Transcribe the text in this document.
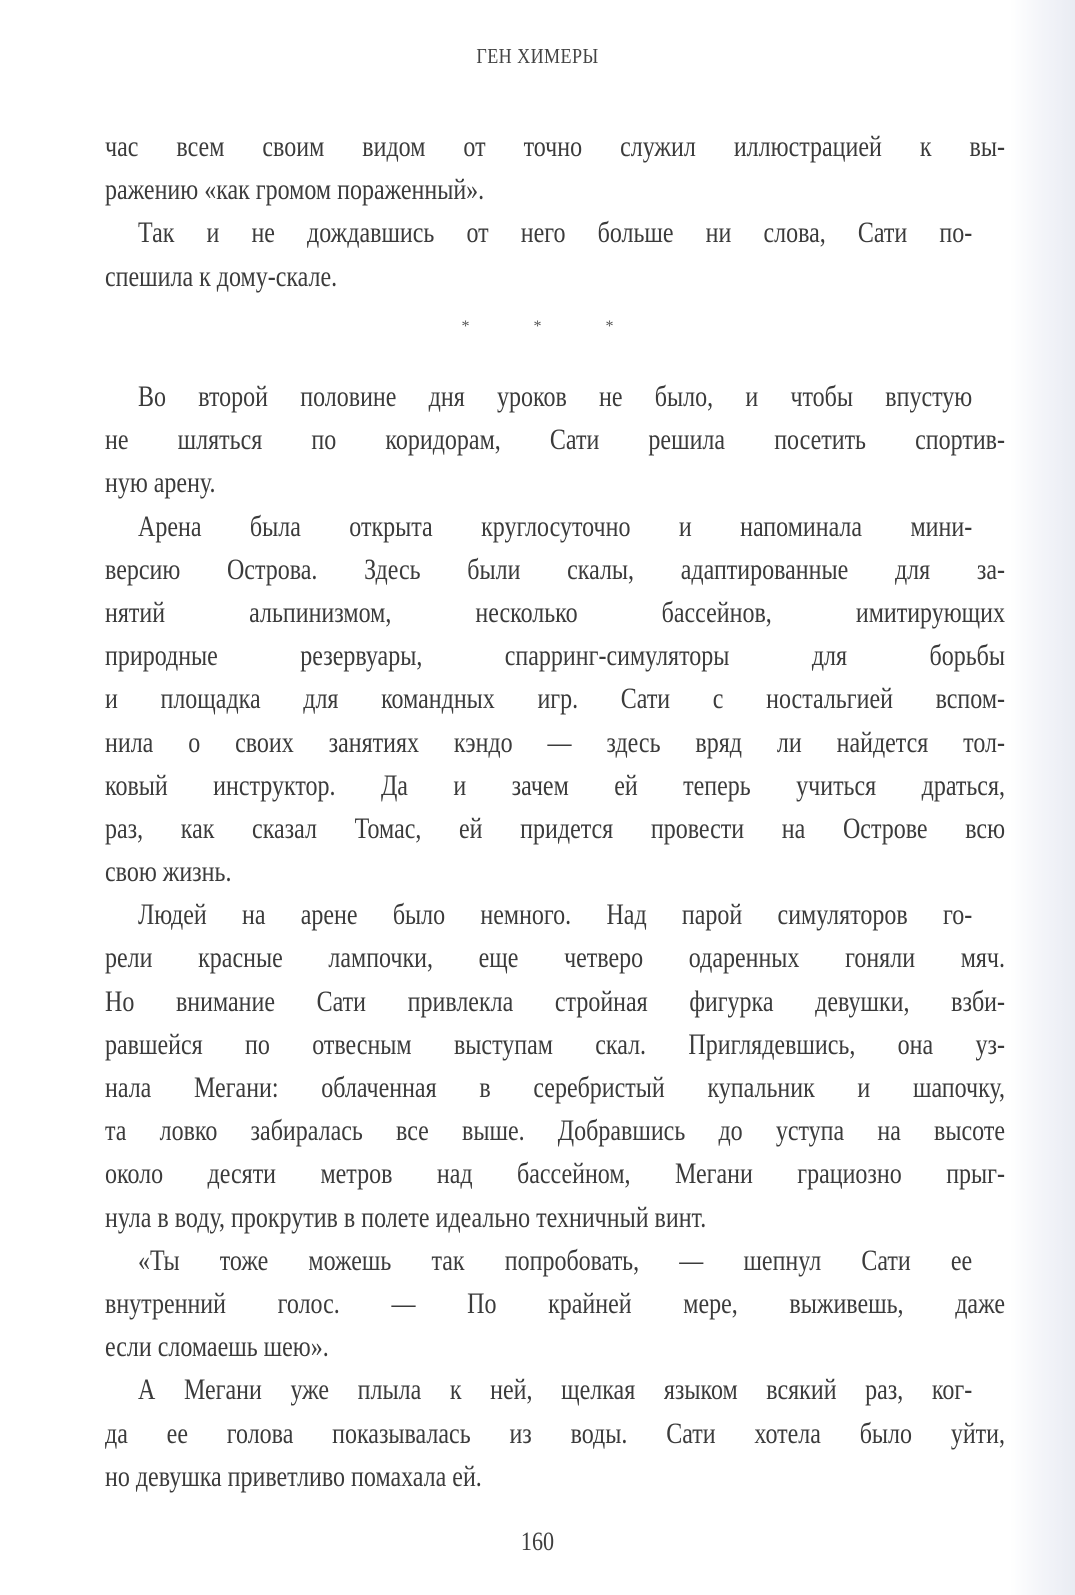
ГЕН ХИМЕРЫ
час всем своим видом от точно служил иллюстрацией к вы-
ражению «как громом пораженный».
Так и не дождавшись от него больше ни слова, Сати по-
спешила к дому-скале.
* * *
Во второй половине дня уроков не было, и чтобы впустую
не шляться по коридорам, Сати решила посетить спортив-
ную арену.
Арена была открыта круглосуточно и напоминала мини-
версию Острова. Здесь были скалы, адаптированные для за-
нятий альпинизмом, несколько бассейнов, имитирующих
природные резервуары, спарринг-симуляторы для борьбы
и площадка для командных игр. Сати с ностальгией вспом-
нила о своих занятиях кэндо — здесь вряд ли найдется тол-
ковый инструктор. Да и зачем ей теперь учиться драться,
раз, как сказал Томас, ей придется провести на Острове всю
свою жизнь.
Людей на арене было немного. Над парой симуляторов го-
рели красные лампочки, еще четверо одаренных гоняли мяч.
Но внимание Сати привлекла стройная фигурка девушки, взби-
равшейся по отвесным выступам скал. Приглядевшись, она уз-
нала Мегани: облаченная в серебристый купальник и шапочку,
та ловко забиралась все выше. Добравшись до уступа на высоте
около десяти метров над бассейном, Мегани грациозно прыг-
нула в воду, прокрутив в полете идеально техничный винт.
«Ты тоже можешь так попробовать, — шепнул Сати ее
внутренний голос. — По крайней мере, выживешь, даже
если сломаешь шею».
А Мегани уже плыла к ней, щелкая языком всякий раз, ког-
да ее голова показывалась из воды. Сати хотела было уйти,
но девушка приветливо помахала ей.
160
